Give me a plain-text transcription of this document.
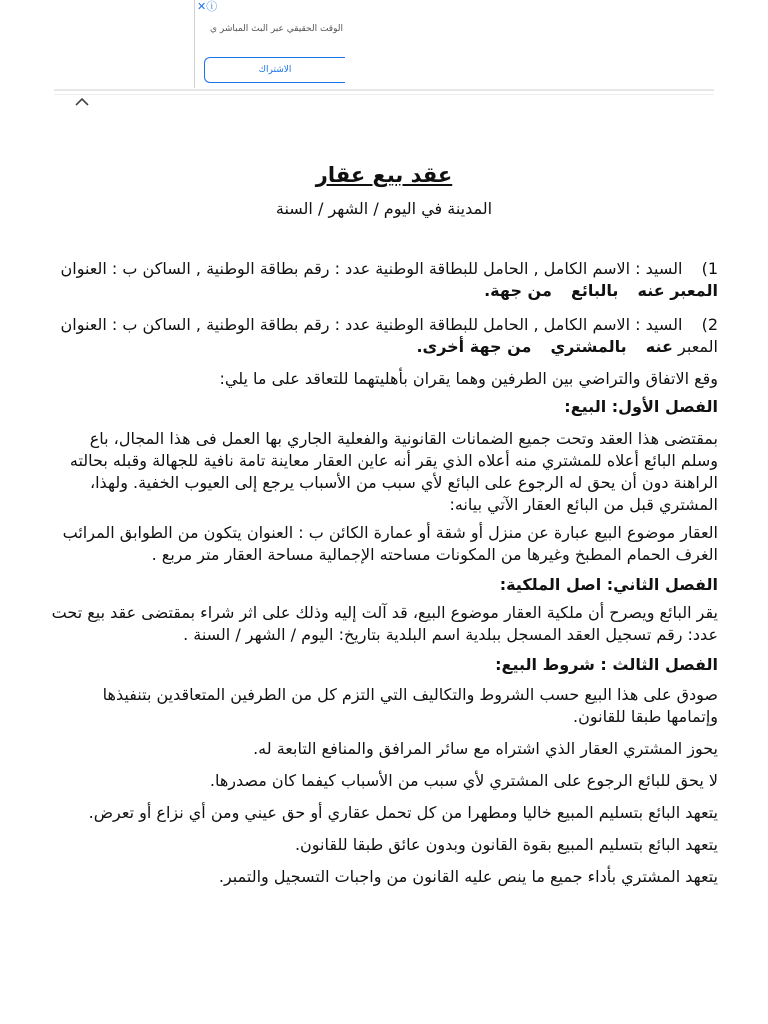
✕ⓘ
الوقت الحقيقي عبر البث المباشر ي
الاشتراك
عقد بيع عقار

المدينة في اليوم / الشهر / السنة

1) السيد : الاسم الكامل , الحامل للبطاقة الوطنية عدد : رقم بطاقة الوطنية , الساكن ب : العنوان المعبر عنه بالبائع من جهة.

2) السيد : الاسم الكامل , الحامل للبطاقة الوطنية عدد : رقم بطاقة الوطنية , الساكن ب : العنوان المعبر عنه بالمشتري من جهة أخرى.

وقع الاتفاق والتراضي بين الطرفين وهما يقران بأهليتهما للتعاقد على ما يلي:

الفصل الأول: البيع:

بمقتضى هذا العقد وتحت جميع الضمانات القانونية والفعلية الجاري بها العمل فى هذا المجال، باع وسلم البائع أعلاه للمشتري منه أعلاه الذي يقر أنه عاين العقار معاينة تامة نافية للجهالة وقبله بحالته الراهنة دون أن يحق له الرجوع على البائع لأي سبب من الأسباب يرجع إلى العيوب الخفية. ولهذا، المشتري قبل من البائع العقار الآتي بيانه:

العقار موضوع البيع عبارة عن منزل أو شقة أو عمارة الكائن ب : العنوان يتكون من الطوابق المرائب الغرف الحمام المطبخ وغيرها من المكونات مساحته الإجمالية مساحة العقار متر مربع .

الفصل الثاني: اصل الملكية:

يقر البائع ويصرح أن ملكية العقار موضوع البيع، قد آلت إليه وذلك على اثر شراء بمقتضى عقد بيع تحت عدد: رقم تسجيل العقد المسجل ببلدية اسم البلدية بتاريخ: اليوم / الشهر / السنة .

الفصل الثالث : شروط البيع:

صودق على هذا البيع حسب الشروط والتكاليف التي التزم كل من الطرفين المتعاقدين بتنفيذها وإتمامها طبقا للقانون.

يحوز المشتري العقار الذي اشتراه مع سائر المرافق والمنافع التابعة له.

لا يحق للبائع الرجوع على المشتري لأي سبب من الأسباب كيفما كان مصدرها.

يتعهد البائع بتسليم المبيع خاليا ومطهرا من كل تحمل عقاري أو حق عيني ومن أي نزاع أو تعرض.

يتعهد البائع بتسليم المبيع بقوة القانون وبدون عائق طبقا للقانون.

يتعهد المشتري بأداء جميع ما ينص عليه القانون من واجبات التسجيل والتمبر.
